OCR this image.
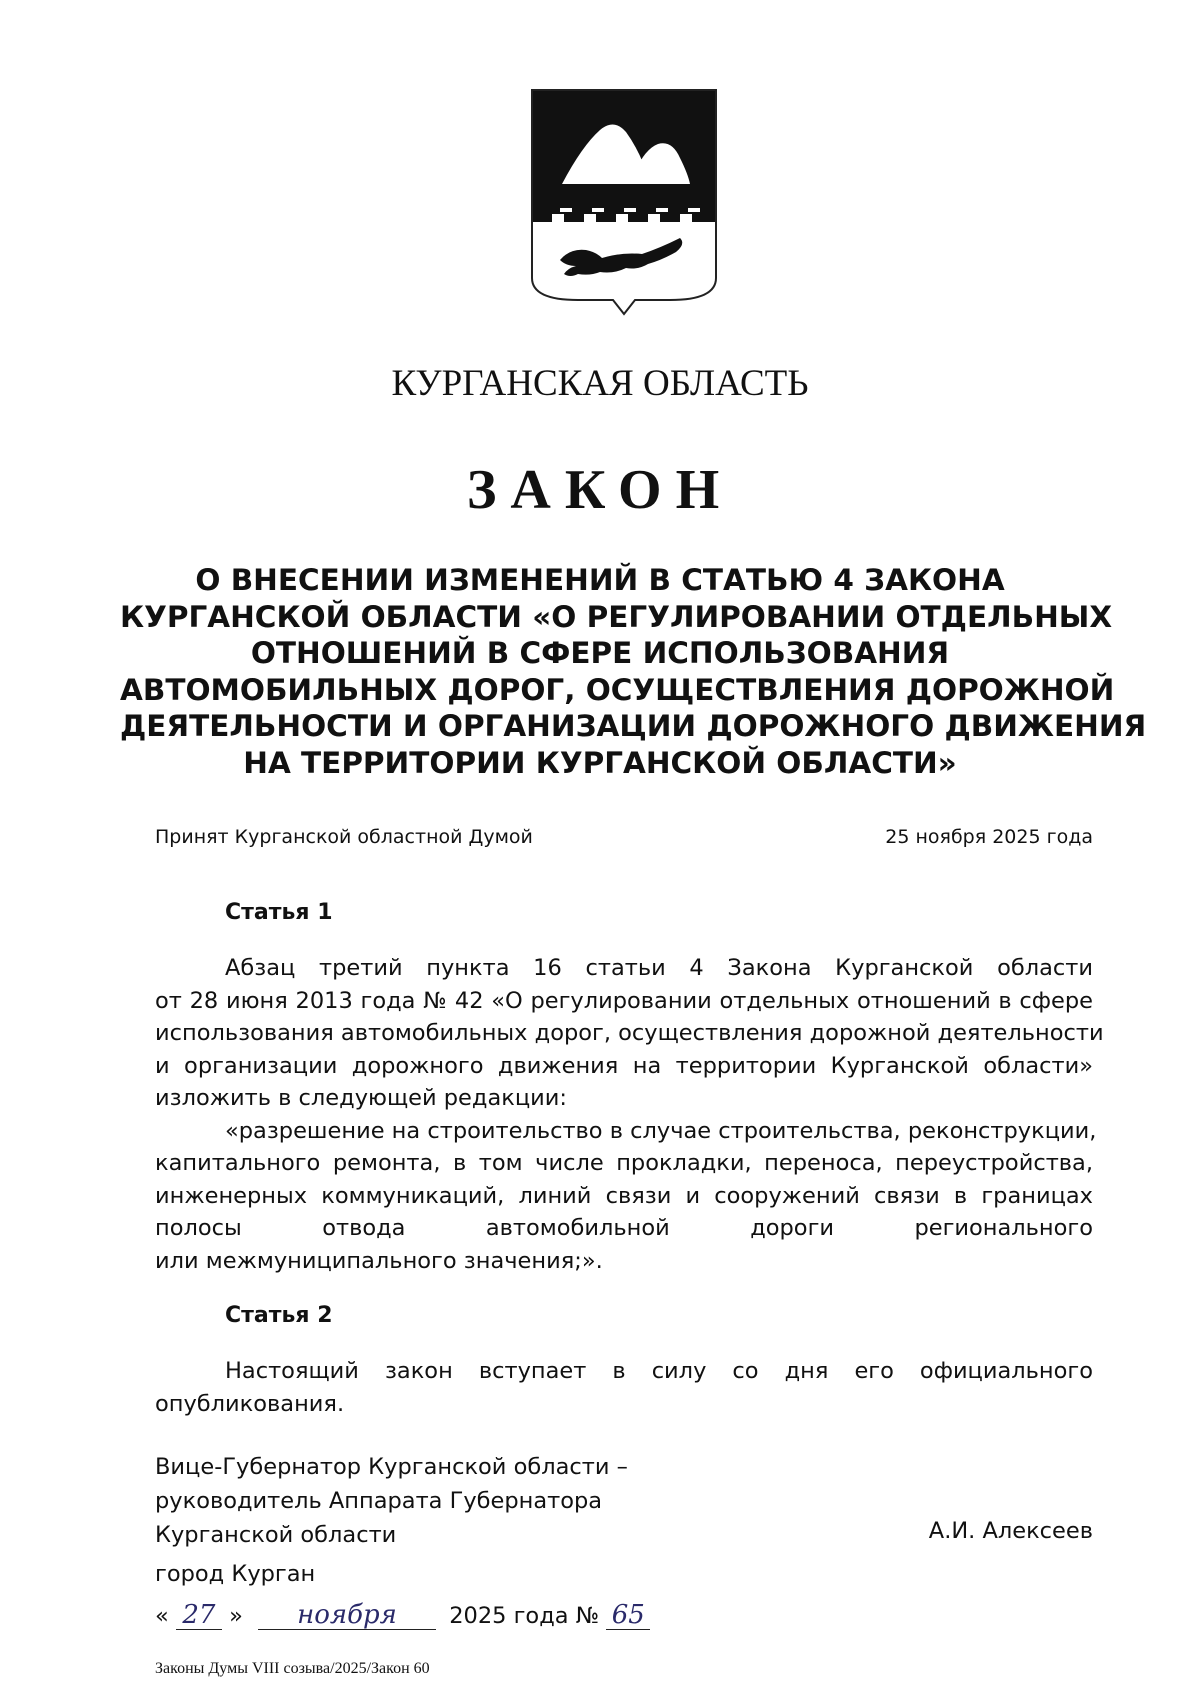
КУРГАНСКАЯ ОБЛАСТЬ
ЗАКОН
О ВНЕСЕНИИ ИЗМЕНЕНИЙ В СТАТЬЮ 4 ЗАКОНА
КУРГАНСКОЙ ОБЛАСТИ «О РЕГУЛИРОВАНИИ ОТДЕЛЬНЫХ
ОТНОШЕНИЙ В СФЕРЕ ИСПОЛЬЗОВАНИЯ
АВТОМОБИЛЬНЫХ ДОРОГ, ОСУЩЕСТВЛЕНИЯ ДОРОЖНОЙ
ДЕЯТЕЛЬНОСТИ И ОРГАНИЗАЦИИ ДОРОЖНОГО ДВИЖЕНИЯ
НА ТЕРРИТОРИИ КУРГАНСКОЙ ОБЛАСТИ»
Принят Курганской областной Думой	25 ноября 2025 года
Статья 1
Абзац третий пункта 16 статьи 4 Закона Курганской области
от 28 июня 2013 года № 42 «О регулировании отдельных отношений в сфере
использования автомобильных дорог, осуществления дорожной деятельности
и организации дорожного движения на территории Курганской области»
изложить в следующей редакции:
«разрешение на строительство в случае строительства, реконструкции,
капитального ремонта, в том числе прокладки, переноса, переустройства,
инженерных коммуникаций, линий связи и сооружений связи в границах
полосы отвода автомобильной дороги регионального
или межмуниципального значения;».
Статья 2
Настоящий закон вступает в силу со дня его официального
опубликования.
Вице-Губернатор Курганской области –
руководитель Аппарата Губернатора
Курганской области	А.И. Алексеев
город Курган
« 27 » ноября 2025 года № 65
Законы Думы VIII созыва/2025/Закон 60
